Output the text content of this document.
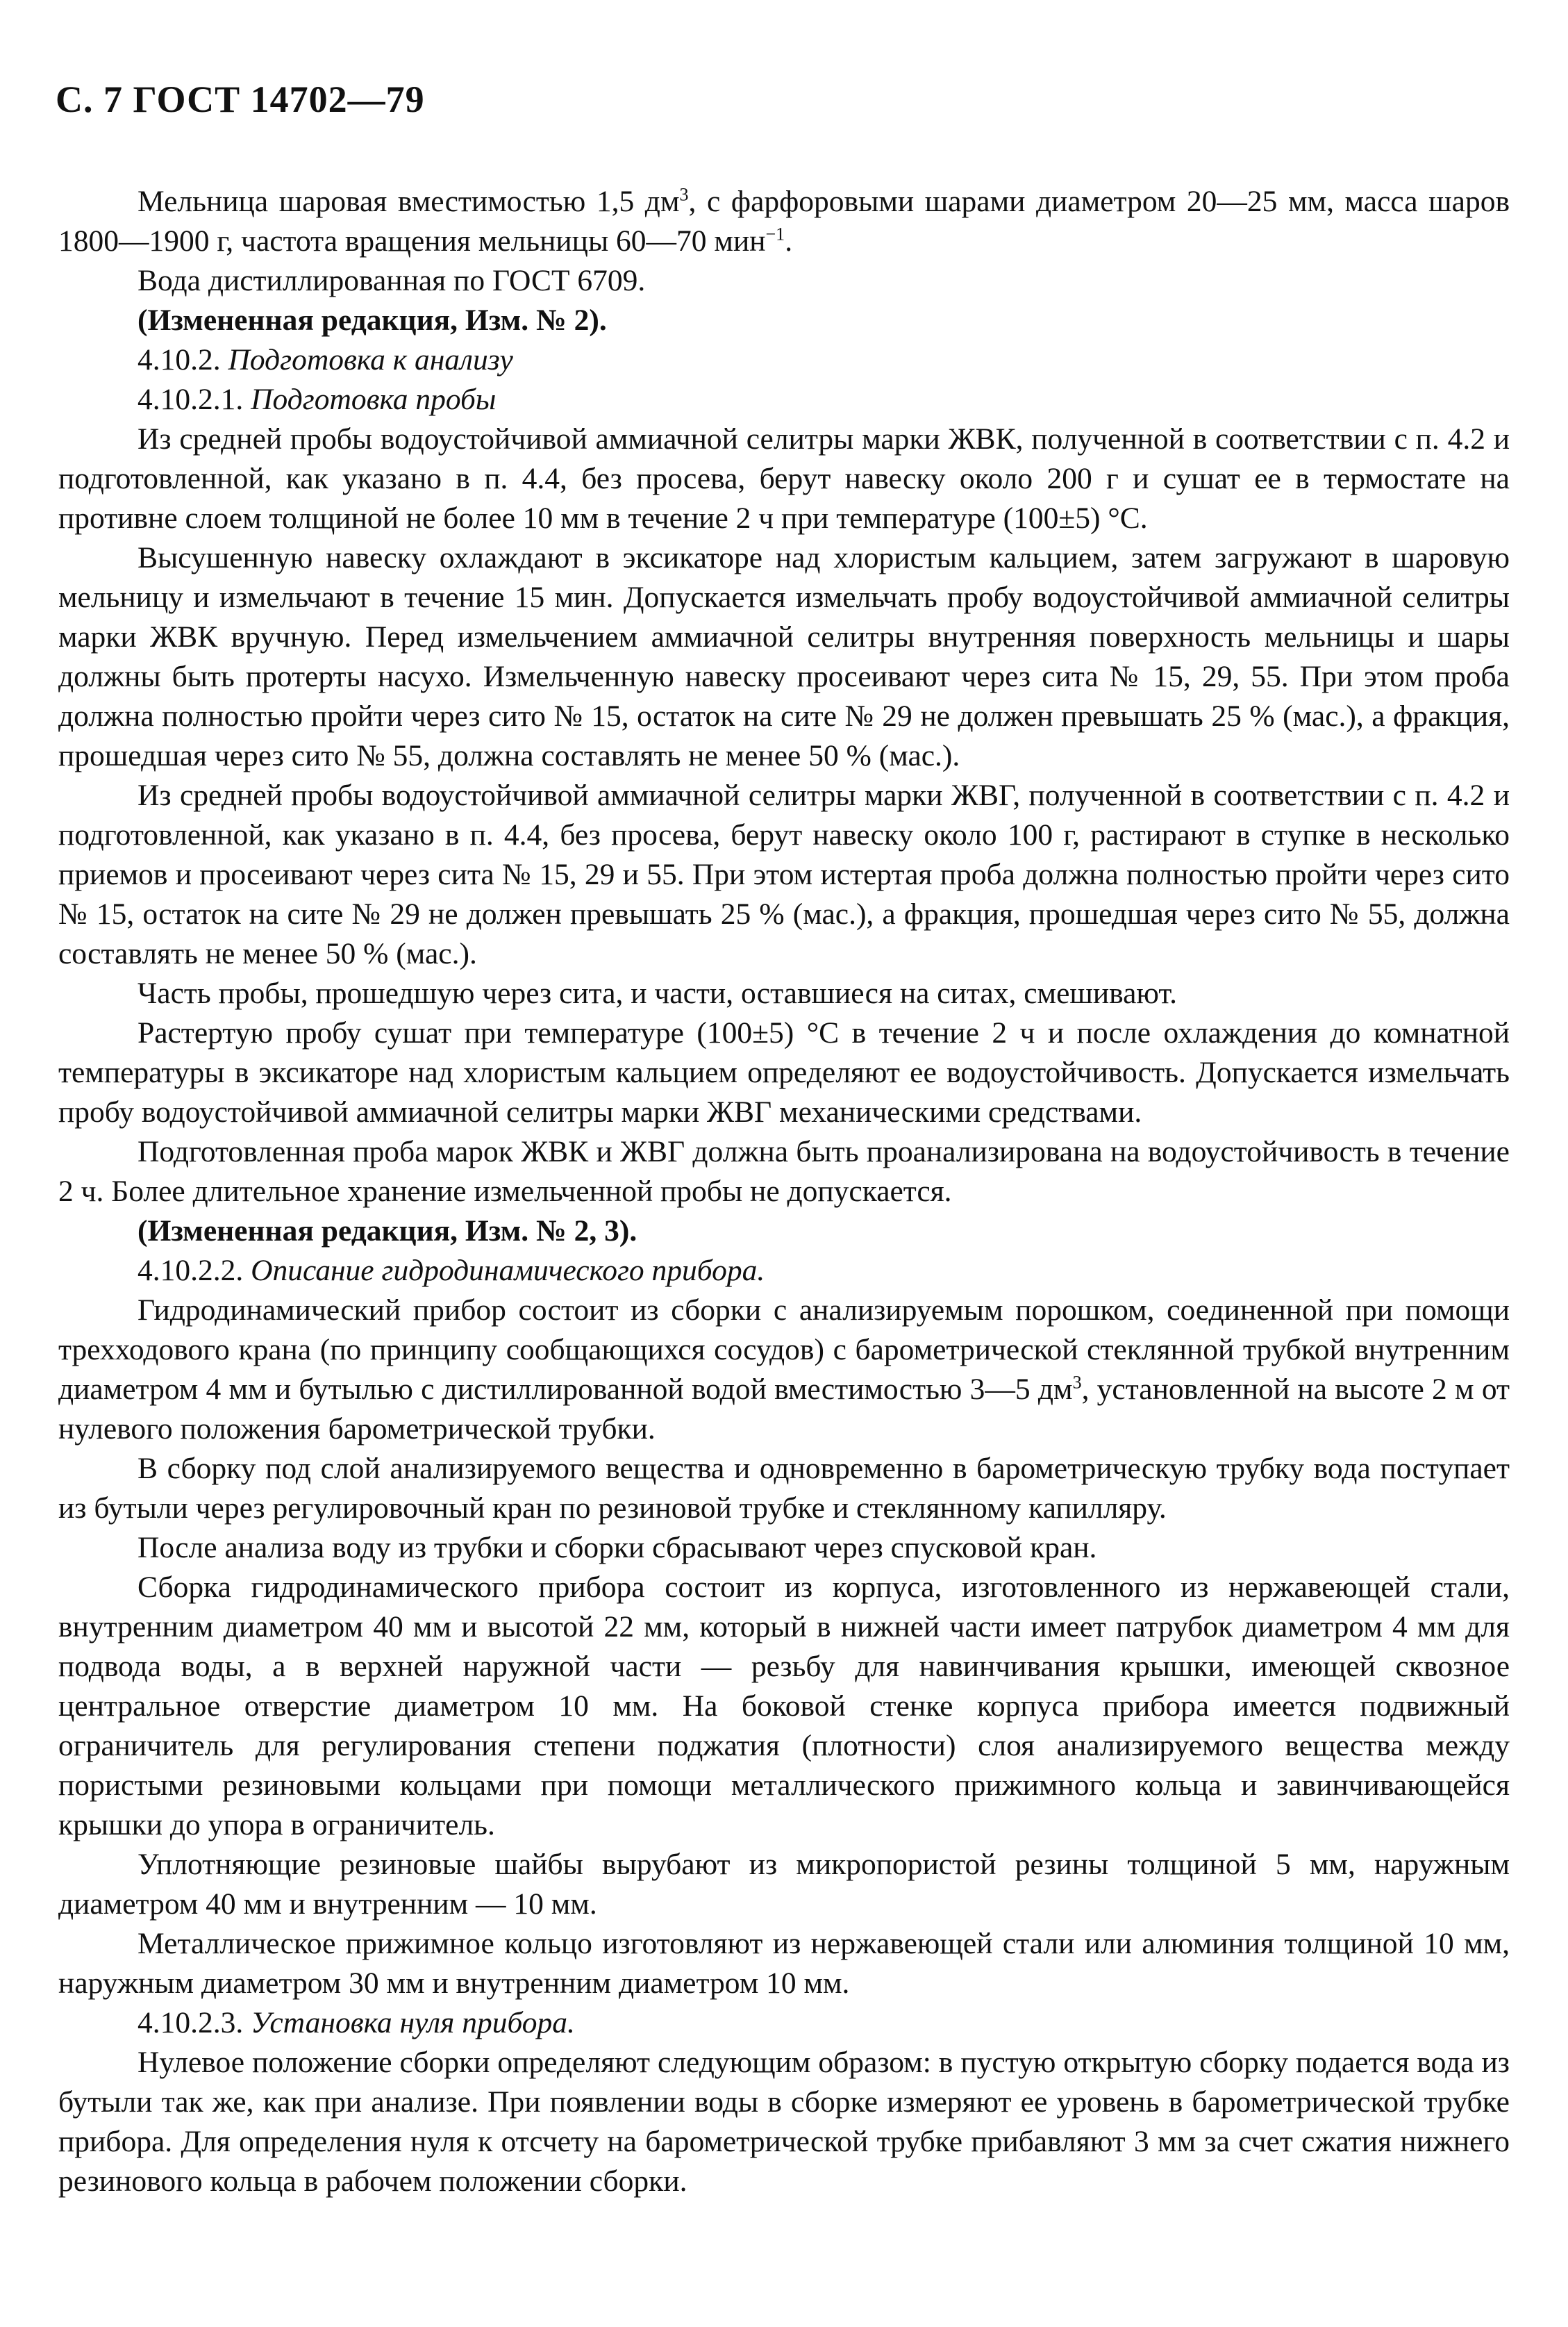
С. 7 ГОСТ 14702—79

Мельница шаровая вместимостью 1,5 $дм^3$, с фарфоровыми шарами диаметром 20—25 мм, масса шаров 1800—1900 г, частота вращения мельницы 60—70 мин$^{-1}$.

Вода дистиллированная по ГОСТ 6709.

(Измененная редакция, Изм. № 2).

4.10.2. Подготовка к анализу

4.10.2.1. Подготовка пробы

Из средней пробы водоустойчивой аммиачной селитры марки ЖВК, полученной в соответствии с п. 4.2 и подготовленной, как указано в п. 4.4, без просева, берут навеску около 200 г и сушат ее в термостате на противне слоем толщиной не более 10 мм в течение 2 ч при температуре (100±5) °С.

Высушенную навеску охлаждают в эксикаторе над хлористым кальцием, затем загружают в шаровую мельницу и измельчают в течение 15 мин. Допускается измельчать пробу водоустойчивой аммиачной селитры марки ЖВК вручную. Перед измельчением аммиачной селитры внутренняя поверхность мельницы и шары должны быть протерты насухо. Измельченную навеску просеивают через сита № 15, 29, 55. При этом проба должна полностью пройти через сито № 15, остаток на сите № 29 не должен превышать 25 % (мас.), а фракция, прошедшая через сито № 55, должна составлять не менее 50 % (мас.).

Из средней пробы водоустойчивой аммиачной селитры марки ЖВГ, полученной в соответствии с п. 4.2 и подготовленной, как указано в п. 4.4, без просева, берут навеску около 100 г, растирают в ступке в несколько приемов и просеивают через сита № 15, 29 и 55. При этом истертая проба должна полностью пройти через сито № 15, остаток на сите № 29 не должен превышать 25 % (мас.), а фракция, прошедшая через сито № 55, должна составлять не менее 50 % (мас.).

Часть пробы, прошедшую через сита, и части, оставшиеся на ситах, смешивают.

Растертую пробу сушат при температуре (100±5) °С в течение 2 ч и после охлаждения до комнатной температуры в эксикаторе над хлористым кальцием определяют ее водоустойчивость. Допускается измельчать пробу водоустойчивой аммиачной селитры марки ЖВГ механическими средствами.

Подготовленная проба марок ЖВК и ЖВГ должна быть проанализирована на водоустойчивость в течение 2 ч. Более длительное хранение измельченной пробы не допускается.

(Измененная редакция, Изм. № 2, 3).

4.10.2.2. Описание гидродинамического прибора.

Гидродинамический прибор состоит из сборки с анализируемым порошком, соединенной при помощи трехходового крана (по принципу сообщающихся сосудов) с барометрической стеклянной трубкой внутренним диаметром 4 мм и бутылью с дистиллированной водой вместимостью 3—5 $дм^3$, установленной на высоте 2 м от нулевого положения барометрической трубки.

В сборку под слой анализируемого вещества и одновременно в барометрическую трубку вода поступает из бутыли через регулировочный кран по резиновой трубке и стеклянному капилляру.

После анализа воду из трубки и сборки сбрасывают через спусковой кран.

Сборка гидродинамического прибора состоит из корпуса, изготовленного из нержавеющей стали, внутренним диаметром 40 мм и высотой 22 мм, который в нижней части имеет патрубок диаметром 4 мм для подвода воды, а в верхней наружной части — резьбу для навинчивания крышки, имеющей сквозное центральное отверстие диаметром 10 мм. На боковой стенке корпуса прибора имеется подвижный ограничитель для регулирования степени поджатия (плотности) слоя анализируемого вещества между пористыми резиновыми кольцами при помощи металлического прижимного кольца и завинчивающейся крышки до упора в ограничитель.

Уплотняющие резиновые шайбы вырубают из микропористой резины толщиной 5 мм, наружным диаметром 40 мм и внутренним — 10 мм.

Металлическое прижимное кольцо изготовляют из нержавеющей стали или алюминия толщиной 10 мм, наружным диаметром 30 мм и внутренним диаметром 10 мм.

4.10.2.3. Установка нуля прибора.

Нулевое положение сборки определяют следующим образом: в пустую открытую сборку подается вода из бутыли так же, как при анализе. При появлении воды в сборке измеряют ее уровень в барометрической трубке прибора. Для определения нуля к отсчету на барометрической трубке прибавляют 3 мм за счет сжатия нижнего резинового кольца в рабочем положении сборки.
